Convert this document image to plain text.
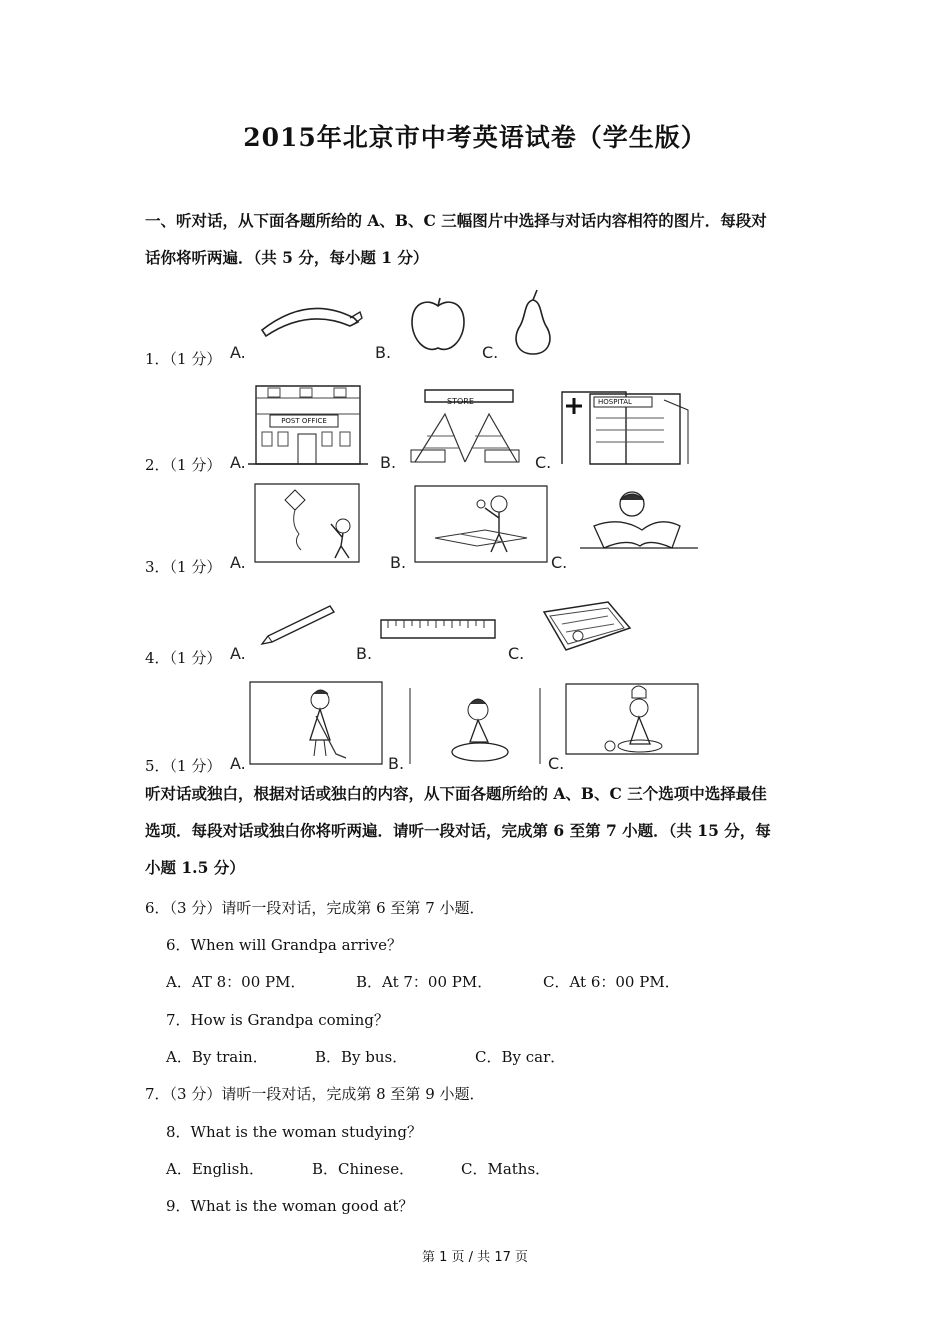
2015年北京市中考英语试卷（学生版）
一、听对话，从下面各题所给的 A、B、C 三幅图片中选择与对话内容相符的图片．每段对
话你将听两遍．（共 5 分，每小题 1 分）
1．（1 分） A.	B.	C.
2．（1 分） A.	B.	C.
POST OFFICE
STORE	HOSPITAL
3．（1 分） A.	B.	C.
4．（1 分） A.	B.	C.
5．（1 分） A.	B.	C.
听对话或独白，根据对话或独白的内容，从下面各题所给的 A、B、C 三个选项中选择最佳
选项．每段对话或独白你将听两遍．请听一段对话，完成第 6 至第 7 小题．（共 15 分，每
小题 1.5 分）
6．（3 分）请听一段对话，完成第 6 至第 7 小题．
6．When will Grandpa arrive？
A．AT 8：00 PM．	B．At 7：00 PM．	C．At 6：00 PM．
7．How is Grandpa coming？
A．By train．	B．By bus．	C．By car．
7．（3 分）请听一段对话，完成第 8 至第 9 小题．
8．What is the woman studying？
A．English．	B．Chinese．	C．Maths．
9．What is the woman good at？
第 1 页 / 共 17 页
